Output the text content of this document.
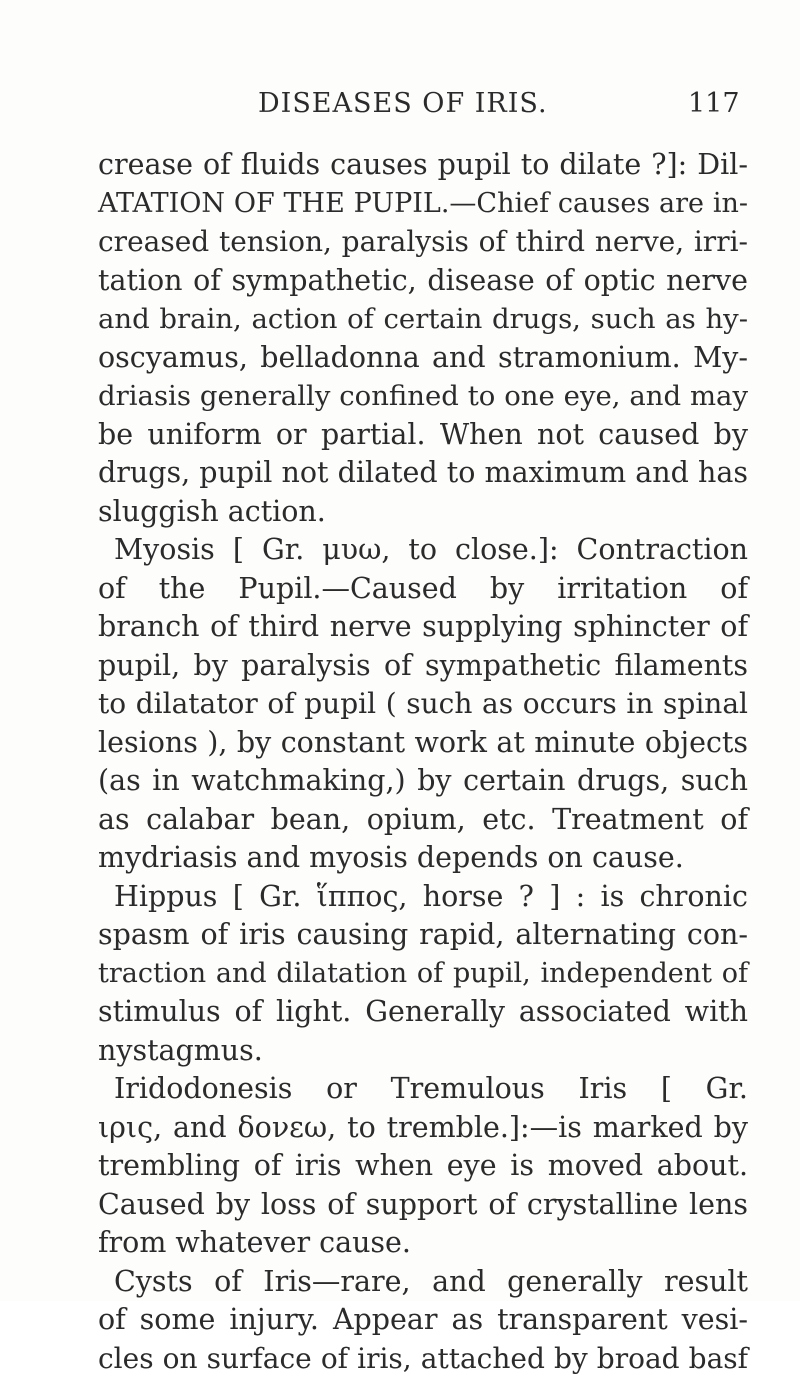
DISEASES OF IRIS.	117
crease of fluids causes pupil to dilate ?]: Dil-
ATATION OF THE PUPIL.—Chief causes are in-
creased tension, paralysis of third nerve, irri-
tation of sympathetic, disease of optic nerve
and brain, action of certain drugs, such as hy-
oscyamus, belladonna and stramonium. My-
driasis generally confined to one eye, and may
be uniform or partial. When not caused by
drugs, pupil not dilated to maximum and has
sluggish action.
Myosis [ Gr. μυω, to close.]: Contraction
of the Pupil.—Caused by irritation of
branch of third nerve supplying sphincter of
pupil, by paralysis of sympathetic filaments
to dilatator of pupil ( such as occurs in spinal
lesions ), by constant work at minute objects
(as in watchmaking,) by certain drugs, such
as calabar bean, opium, etc. Treatment of
mydriasis and myosis depends on cause.
Hippus [ Gr. ἵππος, horse ? ] : is chronic
spasm of iris causing rapid, alternating con-
traction and dilatation of pupil, independent of
stimulus of light. Generally associated with
nystagmus.
Iridodonesis or Tremulous Iris [ Gr.
ιρις, and δονεω, to tremble.]:—is marked by
trembling of iris when eye is moved about.
Caused by loss of support of crystalline lens
from whatever cause.
Cysts of Iris—rare, and generally result
of some injury. Appear as transparent vesi-
cles on surface of iris, attached by broad basf
